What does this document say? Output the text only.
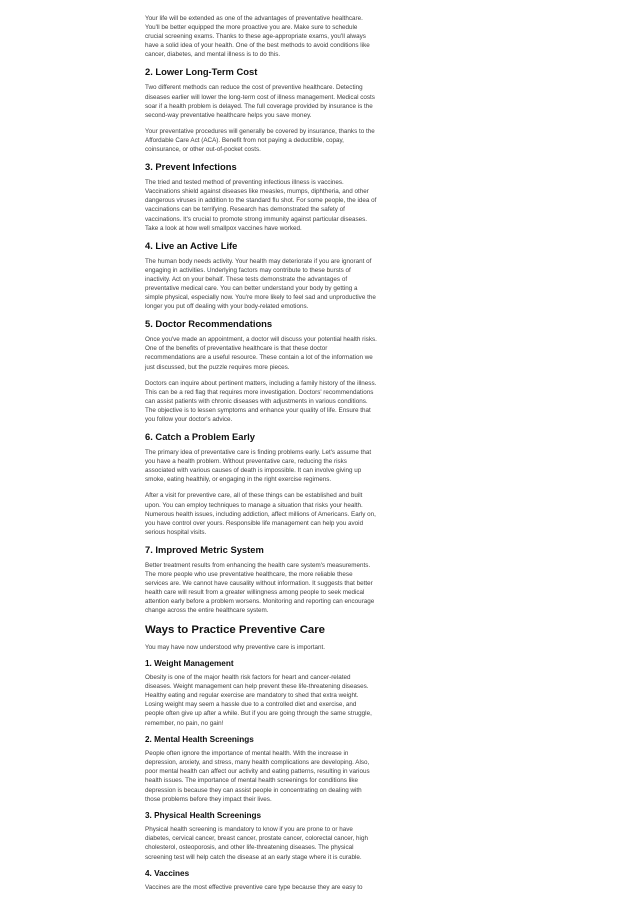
Your life will be extended as one of the advantages of preventative healthcare. You'll be better equipped the more proactive you are. Make sure to schedule crucial screening exams. Thanks to these age-appropriate exams, you'll always have a solid idea of your health. One of the best methods to avoid conditions like cancer, diabetes, and mental illness is to do this.

2. Lower Long-Term Cost

Two different methods can reduce the cost of preventive healthcare. Detecting diseases earlier will lower the long-term cost of illness management. Medical costs soar if a health problem is delayed. The full coverage provided by insurance is the second-way preventative healthcare helps you save money.

Your preventative procedures will generally be covered by insurance, thanks to the Affordable Care Act (ACA). Benefit from not paying a deductible, copay, coinsurance, or other out-of-pocket costs.

3. Prevent Infections

The tried and tested method of preventing infectious illness is vaccines. Vaccinations shield against diseases like measles, mumps, diphtheria, and other dangerous viruses in addition to the standard flu shot. For some people, the idea of vaccinations can be terrifying. Research has demonstrated the safety of vaccinations. It's crucial to promote strong immunity against particular diseases. Take a look at how well smallpox vaccines have worked.

4. Live an Active Life

The human body needs activity. Your health may deteriorate if you are ignorant of engaging in activities. Underlying factors may contribute to these bursts of inactivity. Act on your behalf. These tests demonstrate the advantages of preventative medical care. You can better understand your body by getting a simple physical, especially now. You're more likely to feel sad and unproductive the longer you put off dealing with your body-related emotions.

5. Doctor Recommendations

Once you've made an appointment, a doctor will discuss your potential health risks. One of the benefits of preventative healthcare is that these doctor recommendations are a useful resource. These contain a lot of the information we just discussed, but the puzzle requires more pieces.

Doctors can inquire about pertinent matters, including a family history of the illness. This can be a red flag that requires more investigation. Doctors' recommendations can assist patients with chronic diseases with adjustments in various conditions. The objective is to lessen symptoms and enhance your quality of life. Ensure that you follow your doctor's advice.

6. Catch a Problem Early

The primary idea of preventative care is finding problems early. Let's assume that you have a health problem. Without preventative care, reducing the risks associated with various causes of death is impossible. It can involve giving up smoke, eating healthily, or engaging in the right exercise regimens.

After a visit for preventive care, all of these things can be established and built upon. You can employ techniques to manage a situation that risks your health. Numerous health issues, including addiction, affect millions of Americans. Early on, you have control over yours. Responsible life management can help you avoid serious hospital visits.

7. Improved Metric System

Better treatment results from enhancing the health care system's measurements. The more people who use preventative healthcare, the more reliable these services are. We cannot have causality without information. It suggests that better health care will result from a greater willingness among people to seek medical attention early before a problem worsens. Monitoring and reporting can encourage change across the entire healthcare system.

Ways to Practice Preventive Care

You may have now understood why preventive care is important.

1. Weight Management

Obesity is one of the major health risk factors for heart and cancer-related diseases. Weight management can help prevent these life-threatening diseases. Healthy eating and regular exercise are mandatory to shed that extra weight. Losing weight may seem a hassle due to a controlled diet and exercise, and people often give up after a while. But if you are going through the same struggle, remember, no pain, no gain!

2. Mental Health Screenings

People often ignore the importance of mental health. With the increase in depression, anxiety, and stress, many health complications are developing. Also, poor mental health can affect our activity and eating patterns, resulting in various health issues. The importance of mental health screenings for conditions like depression is because they can assist people in concentrating on dealing with those problems before they impact their lives.

3. Physical Health Screenings

Physical health screening is mandatory to know if you are prone to or have diabetes, cervical cancer, breast cancer, prostate cancer, colorectal cancer, high cholesterol, osteoporosis, and other life-threatening diseases. The physical screening test will help catch the disease at an early stage where it is curable.

4. Vaccines

Vaccines are the most effective preventive care type because they are easy to
